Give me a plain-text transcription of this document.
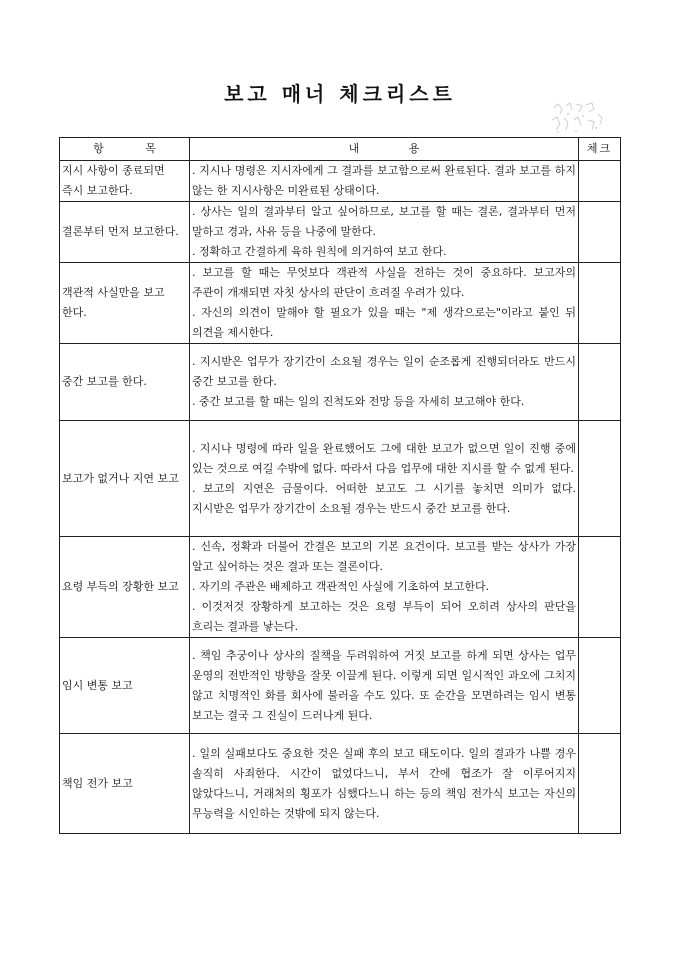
보고 매너 체크리스트
항 목	내 용	체크
지시 사항이 종료되면 즉시 보고한다.	. 지시나 명령은 지시자에게 그 결과를 보고함으로써 완료된다. 결과 보고를 하지 않는 한 지시사항은 미완료된 상태이다.	

결론부터 먼저 보고한다.	. 상사는 일의 결과부터 알고 싶어하므로, 보고를 할 때는 결론, 결과부터 먼저 말하고 경과, 사유 등을 나중에 말한다.
. 정확하고 간결하게 육하 원칙에 의거하여 보고 한다.	

객관적 사실만을 보고 한다.	. 보고를 할 때는 무엇보다 객관적 사실을 전하는 것이 중요하다. 보고자의 주관이 개재되면 자칫 상사의 판단이 흐려질 우려가 있다.
. 자신의 의견이 말해야 할 필요가 있을 때는 "제 생각으로는"이라고 붙인 뒤 의견을 제시한다.	

중간 보고를 한다.	. 지시받은 업무가 장기간이 소요될 경우는 일이 순조롭게 진행되더라도 반드시 중간 보고를 한다.
. 중간 보고를 할 때는 일의 진척도와 전망 등을 자세히 보고해야 한다.	

보고가 없거나 지연 보고	. 지시나 명령에 따라 일을 완료했어도 그에 대한 보고가 없으면 일이 진행 중에 있는 것으로 여길 수밖에 없다. 따라서 다음 업무에 대한 지시를 할 수 없게 된다.
. 보고의 지연은 금물이다. 어떠한 보고도 그 시기를 놓치면 의미가 없다. 지시받은 업무가 장기간이 소요될 경우는 반드시 중간 보고를 한다.	

요령 부득의 장황한 보고	. 신속, 정확과 더불어 간결은 보고의 기본 요건이다. 보고를 받는 상사가 가장 알고 싶어하는 것은 결과 또는 결론이다.
. 자기의 주관은 배제하고 객관적인 사실에 기초하여 보고한다.
. 이것저것 장황하게 보고하는 것은 요령 부득이 되어 오히려 상사의 판단을 흐리는 결과를 낳는다.	

임시 변통 보고	. 책임 추궁이나 상사의 질책을 두려워하여 거짓 보고를 하게 되면 상사는 업무 운영의 전반적인 방향을 잘못 이끌게 된다. 이렇게 되면 일시적인 과오에 그치지 않고 치명적인 화를 회사에 불러올 수도 있다. 또 순간을 모면하려는 임시 변통 보고는 결국 그 진실이 드러나게 된다.	

책임 전가 보고	. 일의 실패보다도 중요한 것은 실패 후의 보고 태도이다. 일의 결과가 나쁠 경우 솔직히 사죄한다. 시간이 없었다느니, 부서 간에 협조가 잘 이루어지지 않았다느니, 거래처의 횡포가 심했다느니 하는 등의 책임 전가식 보고는 자신의 무능력을 시인하는 것밖에 되지 않는다.	
